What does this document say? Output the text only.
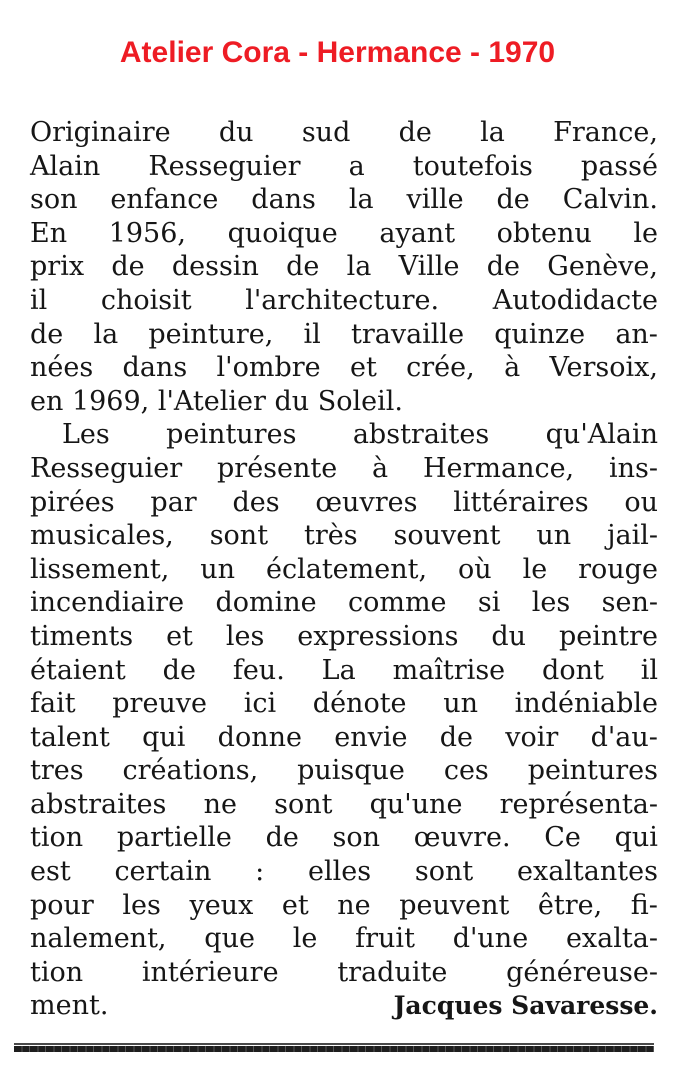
Atelier Cora - Hermance - 1970
Originaire du sud de la France,
Alain Resseguier a toutefois passé
son enfance dans la ville de Calvin.
En 1956, quoique ayant obtenu le
prix de dessin de la Ville de Genève,
il choisit l'architecture. Autodidacte
de la peinture, il travaille quinze an-
nées dans l'ombre et crée, à Versoix,
en 1969, l'Atelier du Soleil.
Les peintures abstraites qu'Alain
Resseguier présente à Hermance, ins-
pirées par des œuvres littéraires ou
musicales, sont très souvent un jail-
lissement, un éclatement, où le rouge
incendiaire domine comme si les sen-
timents et les expressions du peintre
étaient de feu. La maîtrise dont il
fait preuve ici dénote un indéniable
talent qui donne envie de voir d'au-
tres créations, puisque ces peintures
abstraites ne sont qu'une représenta-
tion partielle de son œuvre. Ce qui
est certain : elles sont exaltantes
pour les yeux et ne peuvent être, fi-
nalement, que le fruit d'une exalta-
tion intérieure traduite généreuse-
ment.	Jacques Savaresse.
